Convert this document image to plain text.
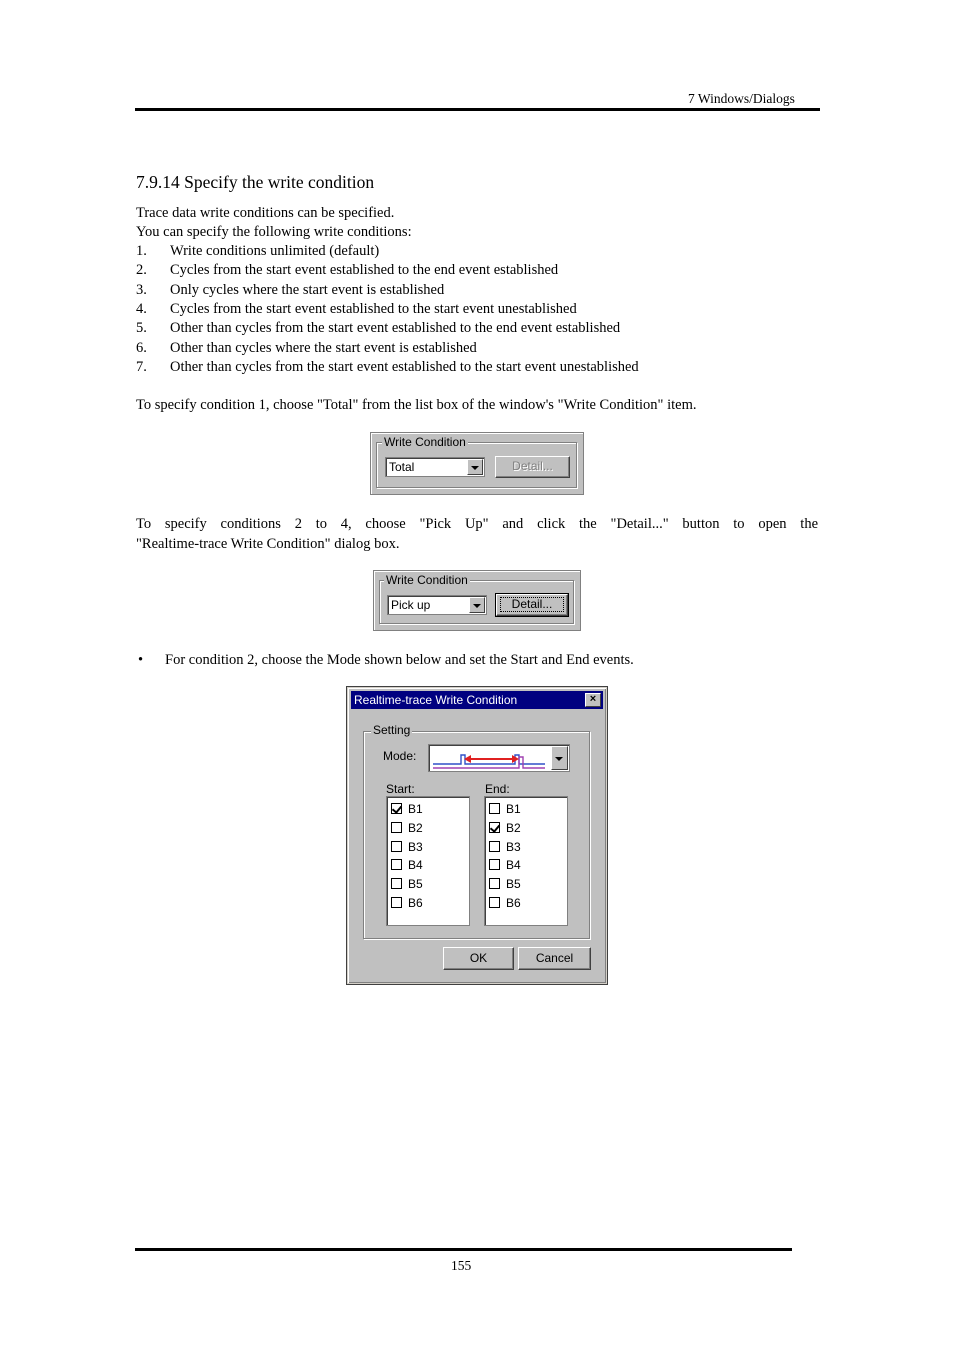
7 Windows/Dialogs
7.9.14 Specify the write condition
Trace data write conditions can be specified.
You can specify the following write conditions:
1. Write conditions unlimited (default)
2. Cycles from the start event established to the end event established
3. Only cycles where the start event is established
4. Cycles from the start event established to the start event unestablished
5. Other than cycles from the start event established to the end event established
6. Other than cycles where the start event is established
7. Other than cycles from the start event established to the start event unestablished
To specify condition 1, choose "Total" from the list box of the window's "Write Condition" item.
Write Condition
Total	Detail...
To specify conditions 2 to 4, choose "Pick Up" and click the "Detail..." button to open the
"Realtime-trace Write Condition" dialog box.
Write Condition
Pick up	Detail...
• For condition 2, choose the Mode shown below and set the Start and End events.
Realtime-trace Write Condition	×
Setting
Mode:
Start:	End:
B1
B2
B3
B4
B5
B6
B1
B2
B3
B4
B5
B6
OK	Cancel
155
